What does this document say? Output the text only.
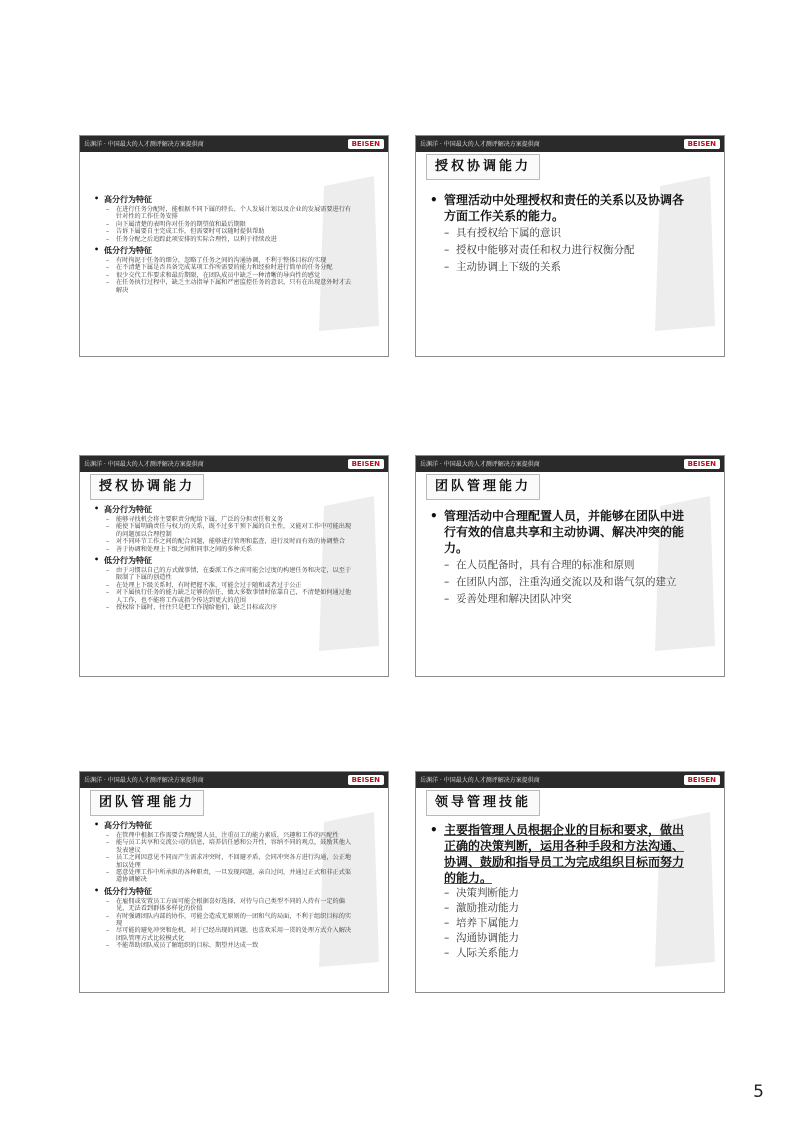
岳渊洋 · 中国最大的人才测评解决方案提供商	BEISEN
• 高分行为特征
– 在进行任务分配时，能根据不同下属的特长、个人发展计划以及企业的发展需要进行有针对性的工作任务安排
– 向下属清楚的表明你对任务的期望值和最后期限
– 告诉下属要自主完成工作，但需要时可以随时提供帮助
– 任务分配之后追踪此项安排的实际合理性，以利于持续改进
• 低分行为特征
– 有时拘泥于任务的细分，忽略了任务之间的沟通协调，不利于整体目标的实现
– 在不清楚下属是否具备完成某项工作所需要的能力和经验时进行简单的任务分配
– 很少交代工作要求和最后期限，在团队成员中缺乏一种清晰的导向性的感觉
– 在任务执行过程中，缺乏主动指导下属和严密监控任务的意识，只有在出现意外时才去解决
岳渊洋 · 中国最大的人才测评解决方案提供商	BEISEN
授权协调能力
• 管理活动中处理授权和责任的关系以及协调各方面工作关系的能力。
– 具有授权给下属的意识
– 授权中能够对责任和权力进行权衡分配
– 主动协调上下级的关系
岳渊洋 · 中国最大的人才测评解决方案提供商	BEISEN
授权协调能力
• 高分行为特征
– 能够寻找机会将主要职责分配给下属，广泛的分担责任和义务
– 能使下属明确责任与权力的关系，既不过多干预下属的自主性，又能对工作中可能出现的问题加以合理控制
– 对不同环节工作之间的配合问题，能够进行管理和监查，进行及时而有效的协调整合
– 善于协调和处理上下级之间和同事之间的多种关系
• 低分行为特征
– 由于习惯以自己的方式做事情，在委派工作之前可能会过度的构建任务和决定，以至于限制了下属的创造性
– 在处理上下级关系时，有时把握不准，可能会过于随和或者过于公正
– 对下属执行任务的能力缺乏足够的信任，做大多数事情时依靠自己，不清楚如何通过他人工作，也不能将工作或指令传达到更大的范围
– 授权给下属时，往往只是把工作抛给他们，缺乏目标或次序
岳渊洋 · 中国最大的人才测评解决方案提供商	BEISEN
团队管理能力
• 管理活动中合理配置人员，并能够在团队中进行有效的信息共享和主动协调、解决冲突的能力。
– 在人员配备时，具有合理的标准和原则
– 在团队内部，注重沟通交流以及和谐气氛的建立
– 妥善处理和解决团队冲突
岳渊洋 · 中国最大的人才测评解决方案提供商	BEISEN
团队管理能力
• 高分行为特征
– 在管理中根据工作需要合理配置人员，注重员工的能力素质，兴趣和工作的匹配性
– 能与员工共享和交流公司的信息，培养信任感和公开性，容纳不同的观点，鼓励其他人发表建议
– 员工之间因意见不同而产生需求冲突时，不回避矛盾，会同冲突各方进行沟通，公正地加以处理
– 愿意处理工作中所承担的各种职责，一旦发现问题，亲自过问，并通过正式和非正式渠道协调解决
• 低分行为特征
– 在雇佣或安置员工方面可能会根据喜好选择，对待与自己类型不同的人持有一定的偏见，无法看到群体多样化的价值
– 有时强调团队内部的协作，可能会造成无原则的一团和气的局面，不利于组织目标的实现
– 尽可能的避免冲突和危机，对于已经出现的问题，也喜欢采用一贯的处理方式介入解决团队管理方式比较模式化
– 不能帮助团队成员了解组织的目标、期望并达成一致
岳渊洋 · 中国最大的人才测评解决方案提供商	BEISEN
领导管理技能
• 主要指管理人员根据企业的目标和要求，做出正确的决策判断，运用各种手段和方法沟通、协调、鼓励和指导员工为完成组织目标而努力的能力。
– 决策判断能力
– 激励推动能力
– 培养下属能力
– 沟通协调能力
– 人际关系能力
5
